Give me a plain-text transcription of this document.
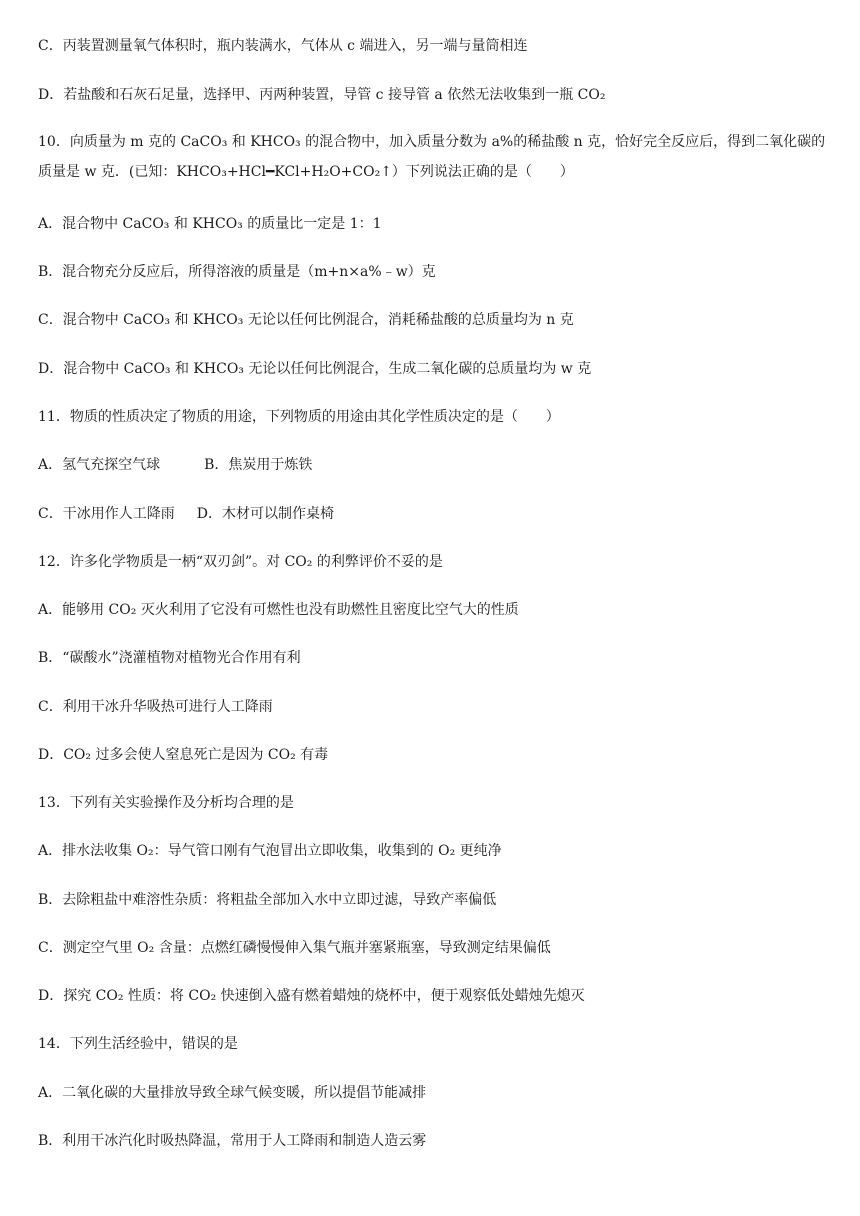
C．丙装置测量氧气体积时，瓶内装满水，气体从 c 端进入，另一端与量筒相连
D．若盐酸和石灰石足量，选择甲、丙两种装置，导管 c 接导管 a 依然无法收集到一瓶 CO₂
10．向质量为 m 克的 CaCO₃ 和 KHCO₃ 的混合物中，加入质量分数为 a%的稀盐酸 n 克，恰好完全反应后，得到二氧化碳的质量是 w 克．(已知：KHCO₃+HCl━KCl+H₂O+CO₂↑）下列说法正确的是（　　）
A．混合物中 CaCO₃ 和 KHCO₃ 的质量比一定是 1：1
B．混合物充分反应后，所得溶液的质量是（m+n×a%﹣w）克
C．混合物中 CaCO₃ 和 KHCO₃ 无论以任何比例混合，消耗稀盐酸的总质量均为 n 克
D．混合物中 CaCO₃ 和 KHCO₃ 无论以任何比例混合，生成二氧化碳的总质量均为 w 克
11．物质的性质决定了物质的用途，下列物质的用途由其化学性质决定的是（　　）
A．氢气充探空气球	B．焦炭用于炼铁
C．干冰用作人工降雨 D．木材可以制作桌椅
12．许多化学物质是一柄“双刃剑”。对 CO₂ 的利弊评价不妥的是
A．能够用 CO₂ 灭火利用了它没有可燃性也没有助燃性且密度比空气大的性质
B．“碳酸水”浇灌植物对植物光合作用有利
C．利用干冰升华吸热可进行人工降雨
D．CO₂ 过多会使人窒息死亡是因为 CO₂ 有毒
13．下列有关实验操作及分析均合理的是
A．排水法收集 O₂：导气管口刚有气泡冒出立即收集，收集到的 O₂ 更纯净
B．去除粗盐中难溶性杂质：将粗盐全部加入水中立即过滤，导致产率偏低
C．测定空气里 O₂ 含量：点燃红磷慢慢伸入集气瓶并塞紧瓶塞，导致测定结果偏低
D．探究 CO₂ 性质：将 CO₂ 快速倒入盛有燃着蜡烛的烧杯中，便于观察低处蜡烛先熄灭
14．下列生活经验中，错误的是
A．二氧化碳的大量排放导致全球气候变暖，所以提倡节能减排
B．利用干冰汽化时吸热降温，常用于人工降雨和制造人造云雾
